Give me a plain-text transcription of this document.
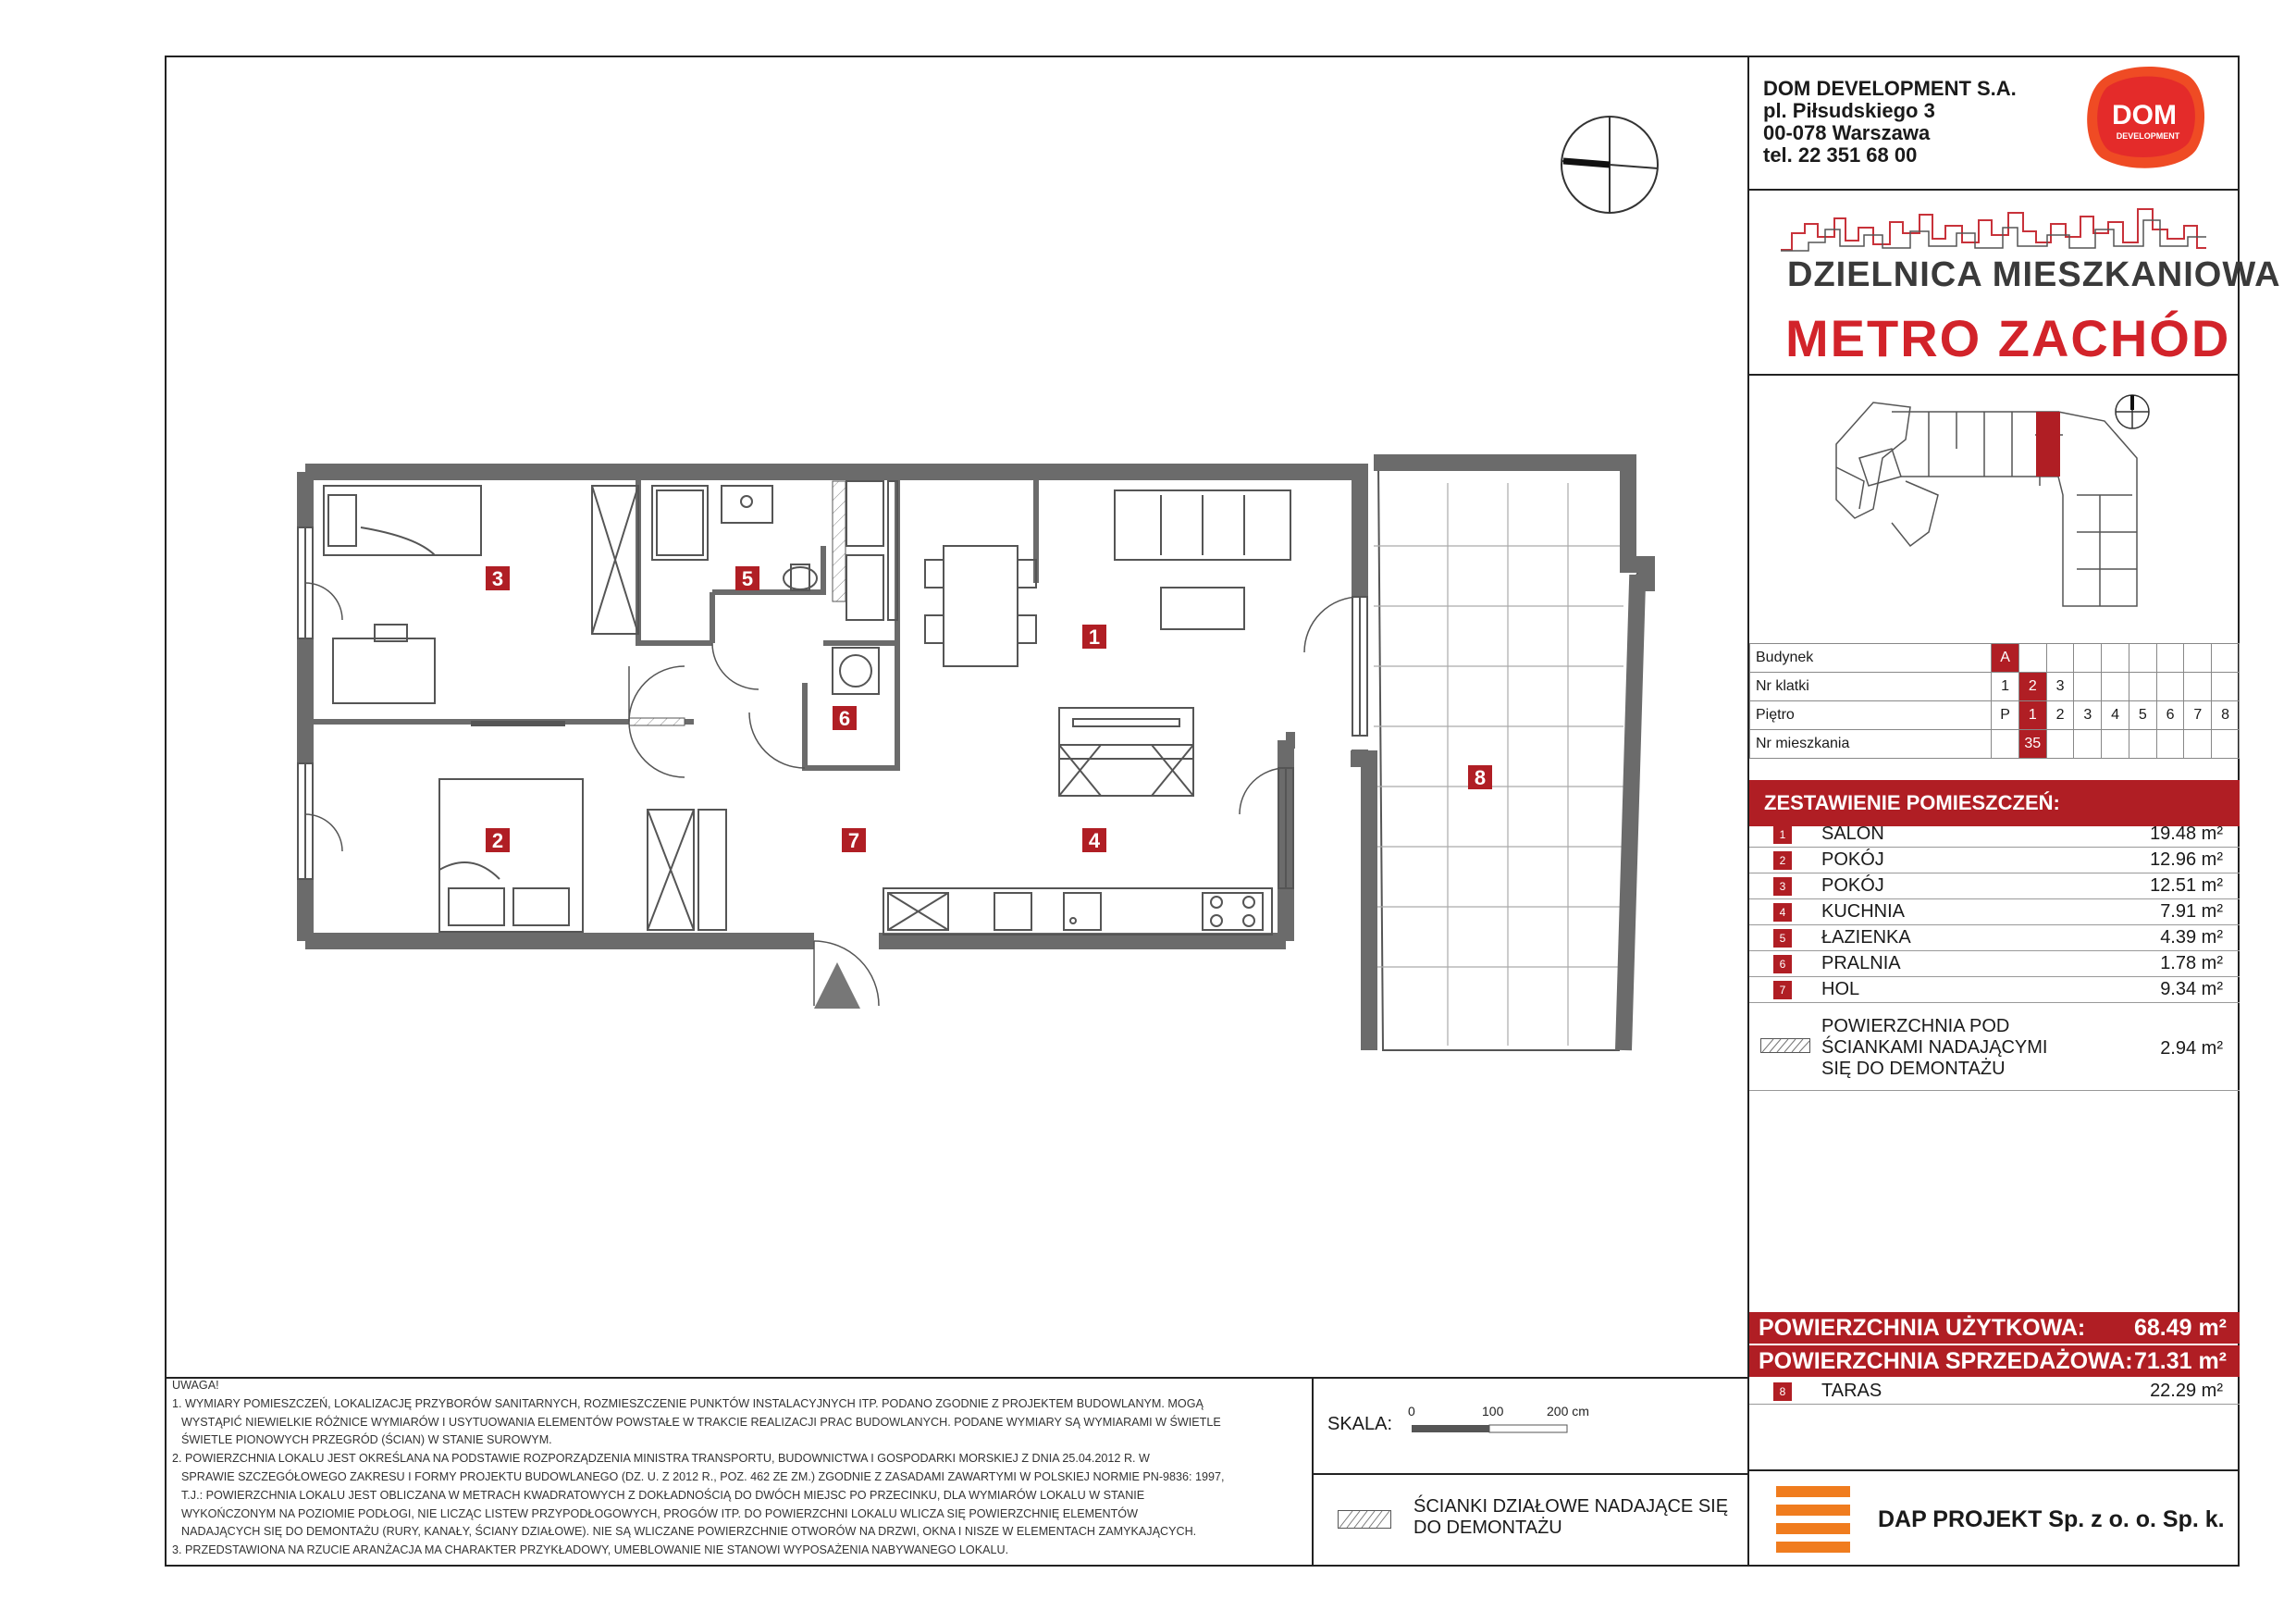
DOM DEVELOPMENT S.A.
pl. Piłsudskiego 3
00-078 Warszawa
tel. 22 351 68 00
DOM
DEVELOPMENT
DZIELNICA MIESZKANIOWA
METRO ZACHÓD
Budynek	A								
Nr klatki	1	2	3						
Piętro	P	1	2	3	4	5	6	7	8
Nr mieszkania		35							
ZESTAWIENIE POMIESZCZEŃ:
1	SALON	19.48 m²
2	POKÓJ	12.96 m²
3	POKÓJ	12.51 m²
4	KUCHNIA	7.91 m²
5	ŁAZIENKA	4.39 m²
6	PRALNIA	1.78 m²
7	HOL	9.34 m²
POWIERZCHNIA POD
ŚCIANKAMI NADAJĄCYMI
SIĘ DO DEMONTAŻU
2.94 m²
POWIERZCHNIA UŻYTKOWA: 68.49 m²
POWIERZCHNIA SPRZEDAŻOWA: 71.31 m²
8	TARAS	22.29 m²
UWAGA!
1. WYMIARY POMIESZCZEŃ, LOKALIZACJĘ PRZYBORÓW SANITARNYCH, ROZMIESZCZENIE PUNKTÓW INSTALACYJNYCH ITP. PODANO ZGODNIE Z PROJEKTEM BUDOWLANYM. MOGĄ
WYSTĄPIĆ NIEWIELKIE RÓŻNICE WYMIARÓW I USYTUOWANIA ELEMENTÓW POWSTAŁE W TRAKCIE REALIZACJI PRAC BUDOWLANYCH. PODANE WYMIARY SĄ WYMIARAMI W ŚWIETLE
ŚWIETLE PIONOWYCH PRZEGRÓD (ŚCIAN) W STANIE SUROWYM.
2. POWIERZCHNIA LOKALU JEST OKREŚLANA NA PODSTAWIE ROZPORZĄDZENIA MINISTRA TRANSPORTU, BUDOWNICTWA I GOSPODARKI MORSKIEJ Z DNIA 25.04.2012 R. W
SPRAWIE SZCZEGÓŁOWEGO ZAKRESU I FORMY PROJEKTU BUDOWLANEGO (DZ. U. Z 2012 R., POZ. 462 ZE ZM.) ZGODNIE Z ZASADAMI ZAWARTYMI W POLSKIEJ NORMIE PN-9836: 1997,
T.J.: POWIERZCHNIA LOKALU JEST OBLICZANA W METRACH KWADRATOWYCH Z DOKŁADNOŚCIĄ DO DWÓCH MIEJSC PO PRZECINKU, DLA WYMIARÓW LOKALU W STANIE
WYKOŃCZONYM NA POZIOMIE PODŁOGI, NIE LICZĄC LISTEW PRZYPODŁOGOWYCH, PROGÓW ITP. DO POWIERZCHNI LOKALU WLICZA SIĘ POWIERZCHNIĘ ELEMENTÓW
NADAJĄCYCH SIĘ DO DEMONTAŻU (RURY, KANAŁY, ŚCIANY DZIAŁOWE). NIE SĄ WLICZANE POWIERZCHNIE OTWORÓW NA DRZWI, OKNA I NISZE W ELEMENTACH ZAMYKAJĄCYCH.
3. PRZEDSTAWIONA NA RZUCIE ARANŻACJA MA CHARAKTER PRZYKŁADOWY, UMEBLOWANIE NIE STANOWI WYPOSAŻENIA NABYWANEGO LOKALU.
SKALA:
0	100	200 cm
ŚCIANKI DZIAŁOWE NADAJĄCE SIĘ
DO DEMONTAŻU	DAP PROJEKT Sp. z o. o. Sp. k.
1
2
3
4
5
6
7
8
